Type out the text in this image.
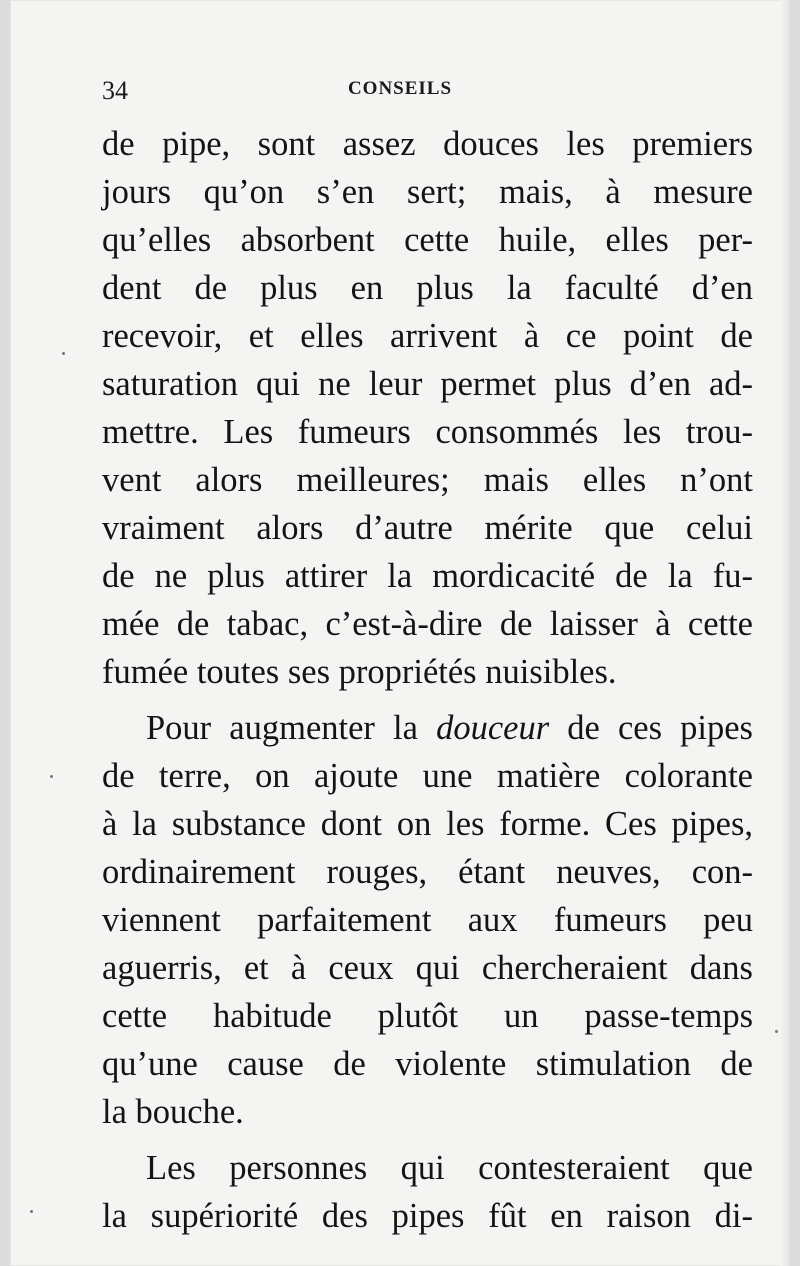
34	CONSEILS
de pipe, sont assez douces les premiers
jours qu’on s’en sert; mais, à mesure
qu’elles absorbent cette huile, elles per-
dent de plus en plus la faculté d’en
recevoir, et elles arrivent à ce point de
saturation qui ne leur permet plus d’en ad-
mettre. Les fumeurs consommés les trou-
vent alors meilleures; mais elles n’ont
vraiment alors d’autre mérite que celui
de ne plus attirer la mordicacité de la fu-
mée de tabac, c’est-à-dire de laisser à cette
fumée toutes ses propriétés nuisibles.
Pour augmenter la douceur de ces pipes
de terre, on ajoute une matière colorante
à la substance dont on les forme. Ces pipes,
ordinairement rouges, étant neuves, con-
viennent parfaitement aux fumeurs peu
aguerris, et à ceux qui chercheraient dans
cette habitude plutôt un passe-temps
qu’une cause de violente stimulation de
la bouche.
Les personnes qui contesteraient que
la supériorité des pipes fût en raison di-
